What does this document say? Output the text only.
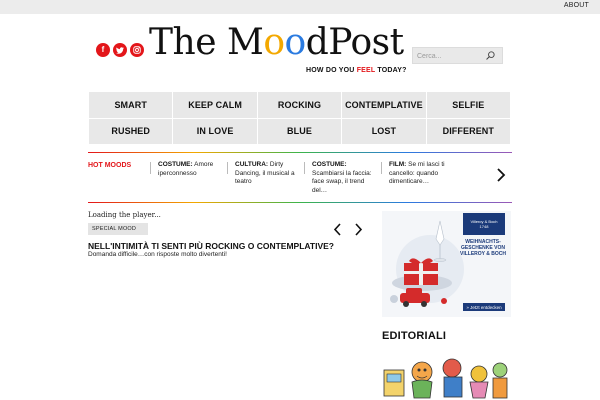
ABOUT
f The MoodPost
HOW DO YOU FEEL TODAY?
Cerca...
SMART	KEEP CALM	ROCKING	CONTEMPLATIVE	SELFIE
RUSHED	IN LOVE	BLUE	LOST	DIFFERENT
HOT MOODS	COSTUME: Amore iperconnesso
CULTURA: Dirty Dancing, il musical a teatro
COSTUME: Scambiarsi la faccia: face swap, il trend del…
FILM: Se mi lasci ti cancello: quando dimenticare…
Loading the player...
SPECIAL MOOD
NELL'INTIMITÀ TI SENTI PIÙ ROCKING O CONTEMPLATIVE?
Domanda difficile…con risposte molto divertenti!
Villeroy & Boch
1748
WEIHNACHTS-GESCHENKE VON VILLEROY & BOCH
» Jetzt entdecken
EDITORIALI
